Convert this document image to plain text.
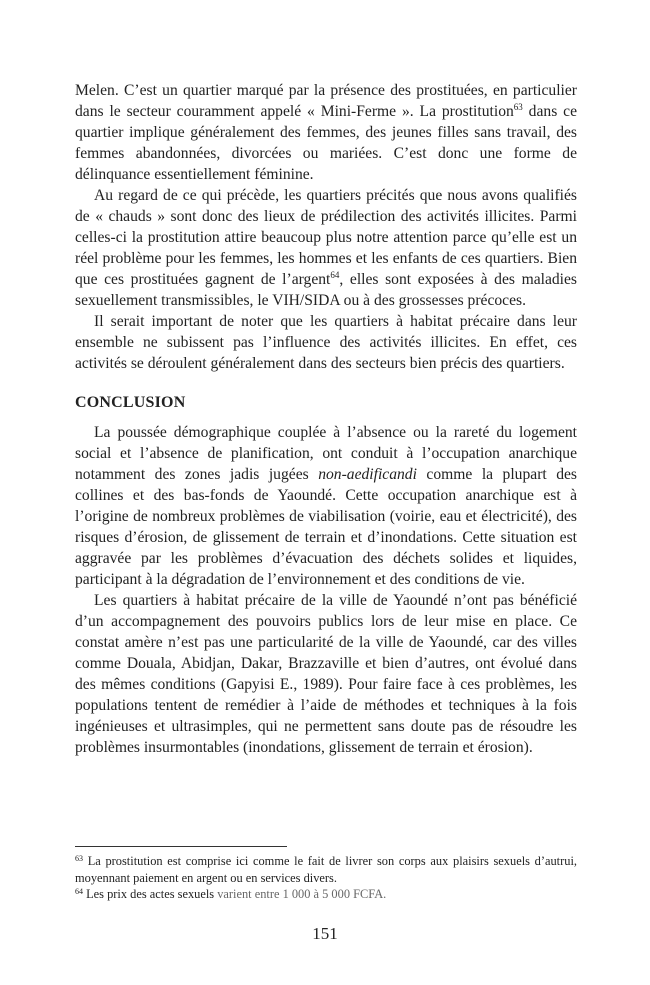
Melen. C’est un quartier marqué par la présence des prostituées, en particulier dans le secteur couramment appelé « Mini-Ferme ». La prostitution$^{63}$ dans ce quartier implique généralement des femmes, des jeunes filles sans travail, des femmes abandonnées, divorcées ou mariées. C’est donc une forme de délinquance essentiellement féminine.

Au regard de ce qui précède, les quartiers précités que nous avons qualifiés de « chauds » sont donc des lieux de prédilection des activités illicites. Parmi celles-ci la prostitution attire beaucoup plus notre attention parce qu’elle est un réel problème pour les femmes, les hommes et les enfants de ces quartiers. Bien que ces prostituées gagnent de l’argent$^{64}$, elles sont exposées à des maladies sexuellement transmissibles, le VIH/SIDA ou à des grossesses précoces.

Il serait important de noter que les quartiers à habitat précaire dans leur ensemble ne subissent pas l’influence des activités illicites. En effet, ces activités se déroulent généralement dans des secteurs bien précis des quartiers.

CONCLUSION

La poussée démographique couplée à l’absence ou la rareté du logement social et l’absence de planification, ont conduit à l’occupation anarchique notamment des zones jadis jugées non-aedificandi comme la plupart des collines et des bas-fonds de Yaoundé. Cette occupation anarchique est à l’origine de nombreux problèmes de viabilisation (voirie, eau et électricité), des risques d’érosion, de glissement de terrain et d’inondations. Cette situation est aggravée par les problèmes d’évacuation des déchets solides et liquides, participant à la dégradation de l’environnement et des conditions de vie.

Les quartiers à habitat précaire de la ville de Yaoundé n’ont pas bénéficié d’un accompagnement des pouvoirs publics lors de leur mise en place. Ce constat amère n’est pas une particularité de la ville de Yaoundé, car des villes comme Douala, Abidjan, Dakar, Brazzaville et bien d’autres, ont évolué dans des mêmes conditions (Gapyisi E., 1989). Pour faire face à ces problèmes, les populations tentent de remédier à l’aide de méthodes et techniques à la fois ingénieuses et ultrasimples, qui ne permettent sans doute pas de résoudre les problèmes insurmontables (inondations, glissement de terrain et érosion).

$^{63}$ La prostitution est comprise ici comme le fait de livrer son corps aux plaisirs sexuels d’autrui, moyennant paiement en argent ou en services divers.

$^{64}$ Les prix des actes sexuels varient entre 1 000 à 5 000 FCFA.

151
